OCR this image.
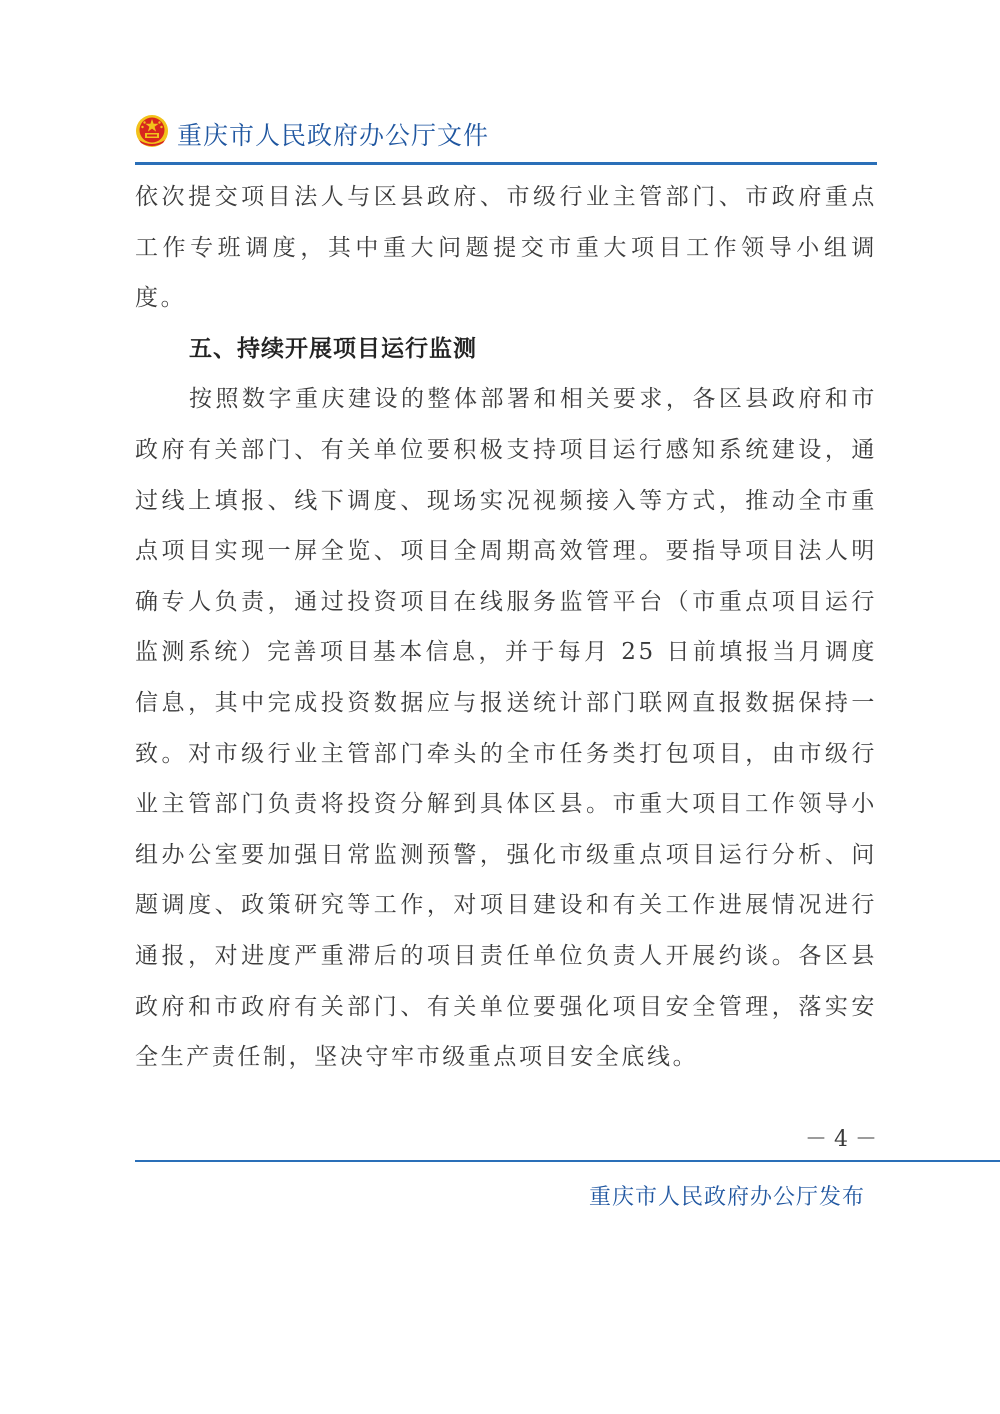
重庆市人民政府办公厅文件

依次提交项目法人与区县政府、市级行业主管部门、市政府重点工作专班调度，其中重大问题提交市重大项目工作领导小组调度。

五、持续开展项目运行监测

按照数字重庆建设的整体部署和相关要求，各区县政府和市政府有关部门、有关单位要积极支持项目运行感知系统建设，通过线上填报、线下调度、现场实况视频接入等方式，推动全市重点项目实现一屏全览、项目全周期高效管理。要指导项目法人明确专人负责，通过投资项目在线服务监管平台（市重点项目运行监测系统）完善项目基本信息，并于每月 25 日前填报当月调度信息，其中完成投资数据应与报送统计部门联网直报数据保持一致。对市级行业主管部门牵头的全市任务类打包项目，由市级行业主管部门负责将投资分解到具体区县。市重大项目工作领导小组办公室要加强日常监测预警，强化市级重点项目运行分析、问题调度、政策研究等工作，对项目建设和有关工作进展情况进行通报，对进度严重滞后的项目责任单位负责人开展约谈。各区县政府和市政府有关部门、有关单位要强化项目安全管理，落实安全生产责任制，坚决守牢市级重点项目安全底线。

－ 4 －
重庆市人民政府办公厅发布
